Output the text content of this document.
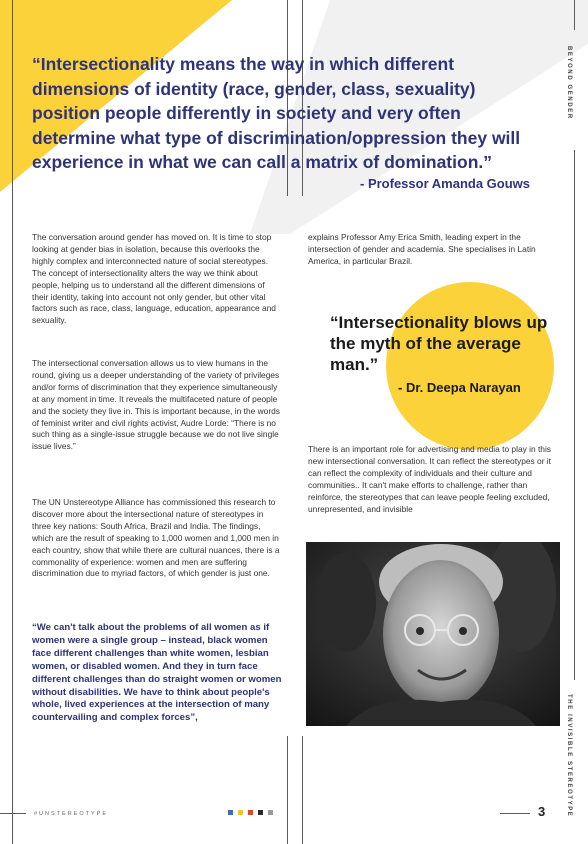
“Intersectionality means the way in which different dimensions of identity (race, gender, class, sexuality) position people differently in society and very often determine what type of discrimination/oppression they will experience in what we can call a matrix of domination.”

- Professor Amanda Gouws

The conversation around gender has moved on. It is time to stop looking at gender bias in isolation, because this overlooks the highly complex and interconnected nature of social stereotypes. The concept of intersectionality alters the way we think about people, helping us to understand all the different dimensions of their identity, taking into account not only gender, but other vital factors such as race, class, language, education, appearance and sexuality.

The intersectional conversation allows us to view humans in the round, giving us a deeper understanding of the variety of privileges and/or forms of discrimination that they experience simultaneously at any moment in time. It reveals the multifaceted nature of people and the society they live in. This is important because, in the words of feminist writer and civil rights activist, Audre Lorde: “There is no such thing as a single-issue struggle because we do not live single issue lives.”

The UN Unstereotype Alliance has commissioned this research to discover more about the intersectional nature of stereotypes in three key nations: South Africa, Brazil and India. The findings, which are the result of speaking to 1,000 women and 1,000 men in each country, show that while there are cultural nuances, there is a commonality of experience: women and men are suffering discrimination due to myriad factors, of which gender is just one.

“We can't talk about the problems of all women as if women were a single group – instead, black women face different challenges than white women, lesbian women, or disabled women. And they in turn face different challenges than do straight women or women without disabilities. We have to think about people's whole, lived experiences at the intersection of many countervailing and complex forces”,

explains Professor Amy Erica Smith, leading expert in the intersection of gender and academia. She specialises in Latin America, in particular Brazil.

“Intersectionality blows up the myth of the average man.”

- Dr. Deepa Narayan

There is an important role for advertising and media to play in this new intersectional conversation. It can reflect the stereotypes or it can reflect the complexity of individuals and their culture and communities.. It can't make efforts to challenge, rather than reinforce, the stereotypes that can leave people feeling excluded, unrepresented, and invisible

BEYOND GENDER
THE INVISIBLE STEREOTYPE
#UNSTEREOTYPE	3
